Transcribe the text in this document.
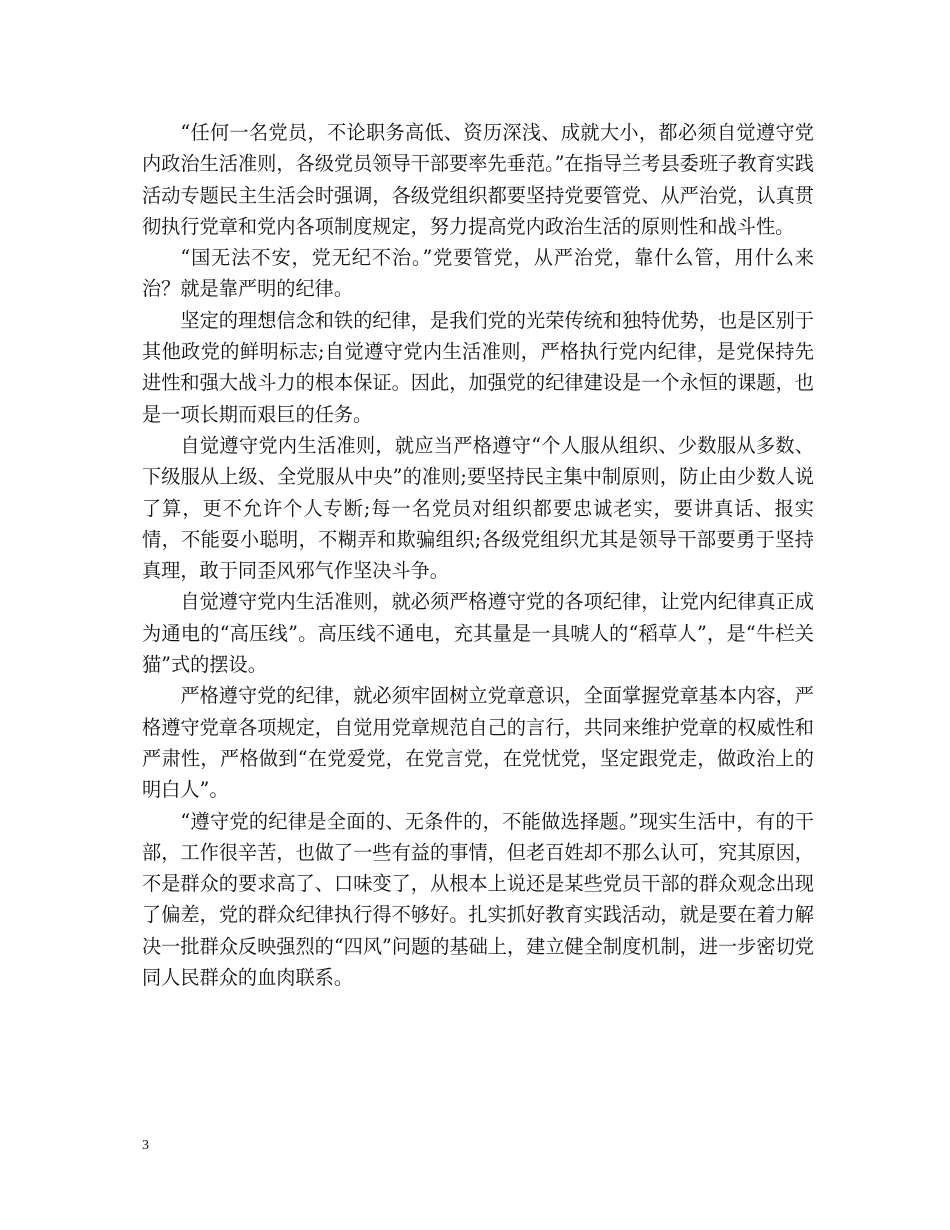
“任何一名党员，不论职务高低、资历深浅、成就大小，都必须自觉遵守党内政治生活准则，各级党员领导干部要率先垂范。”在指导兰考县委班子教育实践活动专题民主生活会时强调，各级党组织都要坚持党要管党、从严治党，认真贯彻执行党章和党内各项制度规定，努力提高党内政治生活的原则性和战斗性。

“国无法不安，党无纪不治。”党要管党，从严治党，靠什么管，用什么来治？就是靠严明的纪律。

坚定的理想信念和铁的纪律，是我们党的光荣传统和独特优势，也是区别于其他政党的鲜明标志;自觉遵守党内生活准则，严格执行党内纪律，是党保持先进性和强大战斗力的根本保证。因此，加强党的纪律建设是一个永恒的课题，也是一项长期而艰巨的任务。

自觉遵守党内生活准则，就应当严格遵守“个人服从组织、少数服从多数、下级服从上级、全党服从中央”的准则;要坚持民主集中制原则，防止由少数人说了算，更不允许个人专断;每一名党员对组织都要忠诚老实，要讲真话、报实情，不能耍小聪明，不糊弄和欺骗组织;各级党组织尤其是领导干部要勇于坚持真理，敢于同歪风邪气作坚决斗争。

自觉遵守党内生活准则，就必须严格遵守党的各项纪律，让党内纪律真正成为通电的“高压线”。高压线不通电，充其量是一具唬人的“稻草人”，是“牛栏关猫”式的摆设。

严格遵守党的纪律，就必须牢固树立党章意识，全面掌握党章基本内容，严格遵守党章各项规定，自觉用党章规范自己的言行，共同来维护党章的权威性和严肃性，严格做到“在党爱党，在党言党，在党忧党，坚定跟党走，做政治上的明白人”。

“遵守党的纪律是全面的、无条件的，不能做选择题。”现实生活中，有的干部，工作很辛苦，也做了一些有益的事情，但老百姓却不那么认可，究其原因，不是群众的要求高了、口味变了，从根本上说还是某些党员干部的群众观念出现了偏差，党的群众纪律执行得不够好。扎实抓好教育实践活动，就是要在着力解决一批群众反映强烈的“四风”问题的基础上，建立健全制度机制，进一步密切党同人民群众的血肉联系。

3
